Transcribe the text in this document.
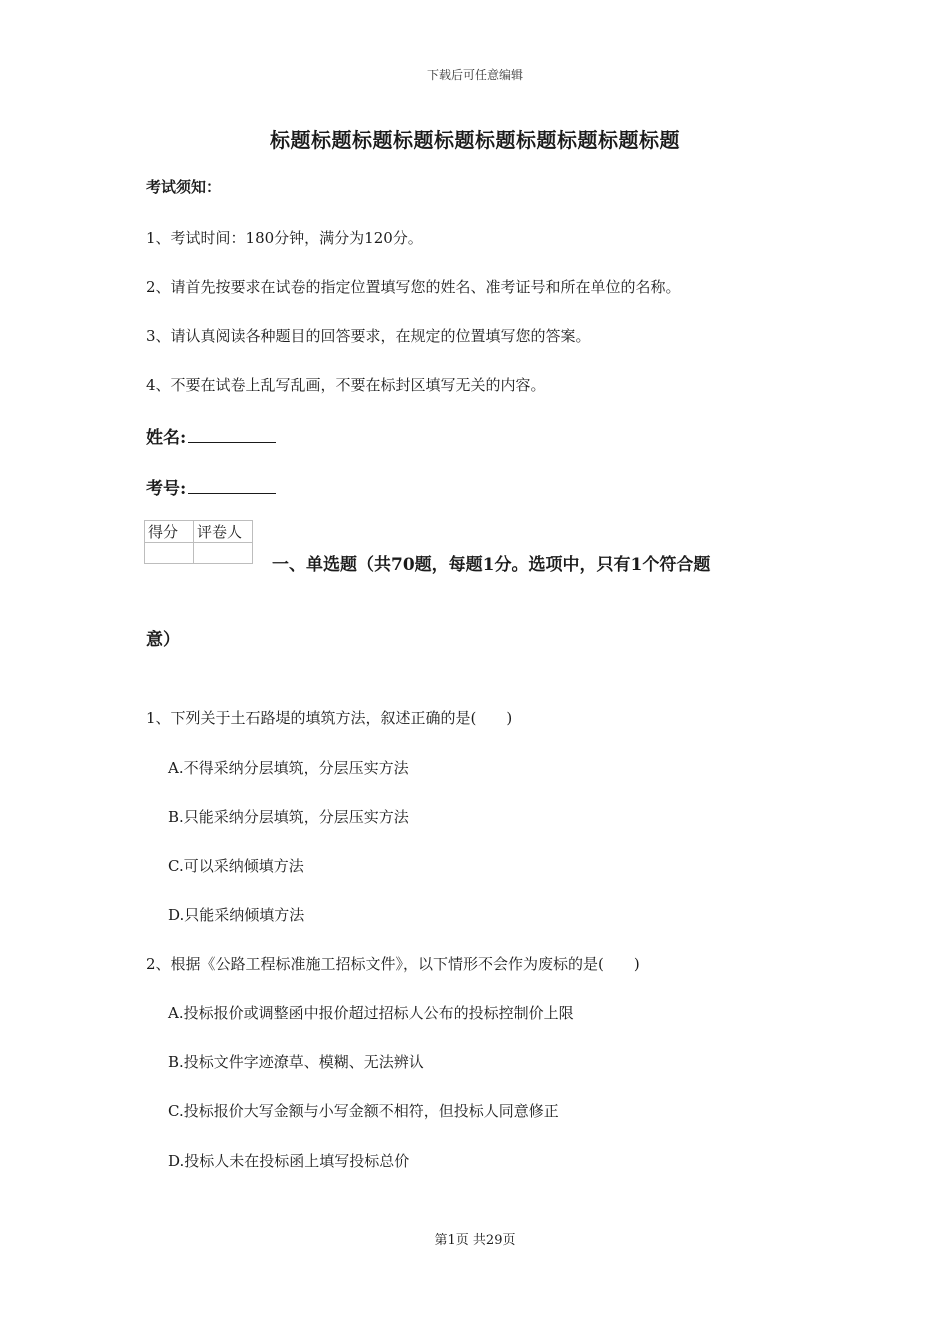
下载后可任意编辑
标题标题标题标题标题标题标题标题标题标题
考试须知：
1、考试时间：180分钟，满分为120分。
2、请首先按要求在试卷的指定位置填写您的姓名、准考证号和所在单位的名称。
3、请认真阅读各种题目的回答要求，在规定的位置填写您的答案。
4、不要在试卷上乱写乱画，不要在标封区填写无关的内容。
姓名:
考号:
得分	评卷人

一、单选题（共70题，每题1分。选项中，只有1个符合题
意）
1、下列关于土石路堤的填筑方法，叙述正确的是(　　)
A.不得采纳分层填筑，分层压实方法
B.只能采纳分层填筑，分层压实方法
C.可以采纳倾填方法
D.只能采纳倾填方法
2、根据《公路工程标准施工招标文件》，以下情形不会作为废标的是(　　)
A.投标报价或调整函中报价超过招标人公布的投标控制价上限
B.投标文件字迹潦草、模糊、无法辨认
C.投标报价大写金额与小写金额不相符，但投标人同意修正
D.投标人未在投标函上填写投标总价
第1页 共29页
